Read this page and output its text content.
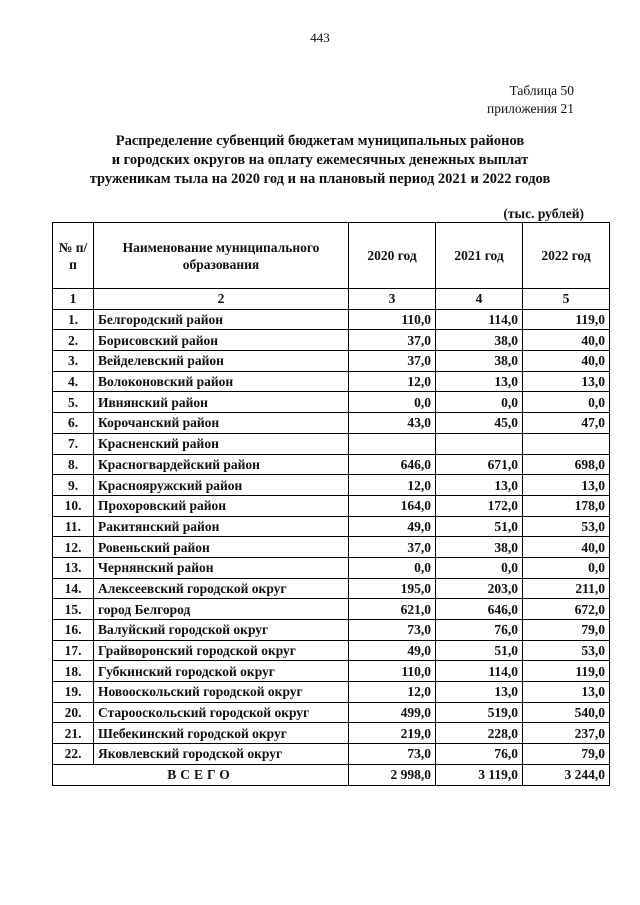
443
Таблица 50
приложения 21
Распределение субвенций бюджетам муниципальных районов
и городских округов на оплату ежемесячных денежных выплат
труженикам тыла на 2020 год и на плановый период 2021 и 2022 годов
(тыс. рублей)
№ п/п	Наименование муниципального образования	2020 год	2021 год	2022 год
1	2	3	4	5
1.	Белгородский район	110,0	114,0	119,0
2.	Борисовский район	37,0	38,0	40,0
3.	Вейделевский район	37,0	38,0	40,0
4.	Волоконовский район	12,0	13,0	13,0
5.	Ивнянский район	0,0	0,0	0,0
6.	Корочанский район	43,0	45,0	47,0
7.	Красненский район			
8.	Красногвардейский район	646,0	671,0	698,0
9.	Краснояружский район	12,0	13,0	13,0
10.	Прохоровский район	164,0	172,0	178,0
11.	Ракитянский район	49,0	51,0	53,0
12.	Ровеньский район	37,0	38,0	40,0
13.	Чернянский район	0,0	0,0	0,0
14.	Алексеевский городской округ	195,0	203,0	211,0
15.	город Белгород	621,0	646,0	672,0
16.	Валуйский городской округ	73,0	76,0	79,0
17.	Грайворонский городской округ	49,0	51,0	53,0
18.	Губкинский городской округ	110,0	114,0	119,0
19.	Новооскольский городской округ	12,0	13,0	13,0
20.	Старооскольский городской округ	499,0	519,0	540,0
21.	Шебекинский городской округ	219,0	228,0	237,0
22.	Яковлевский городской округ	73,0	76,0	79,0
ВСЕГО		2 998,0	3 119,0	3 244,0
